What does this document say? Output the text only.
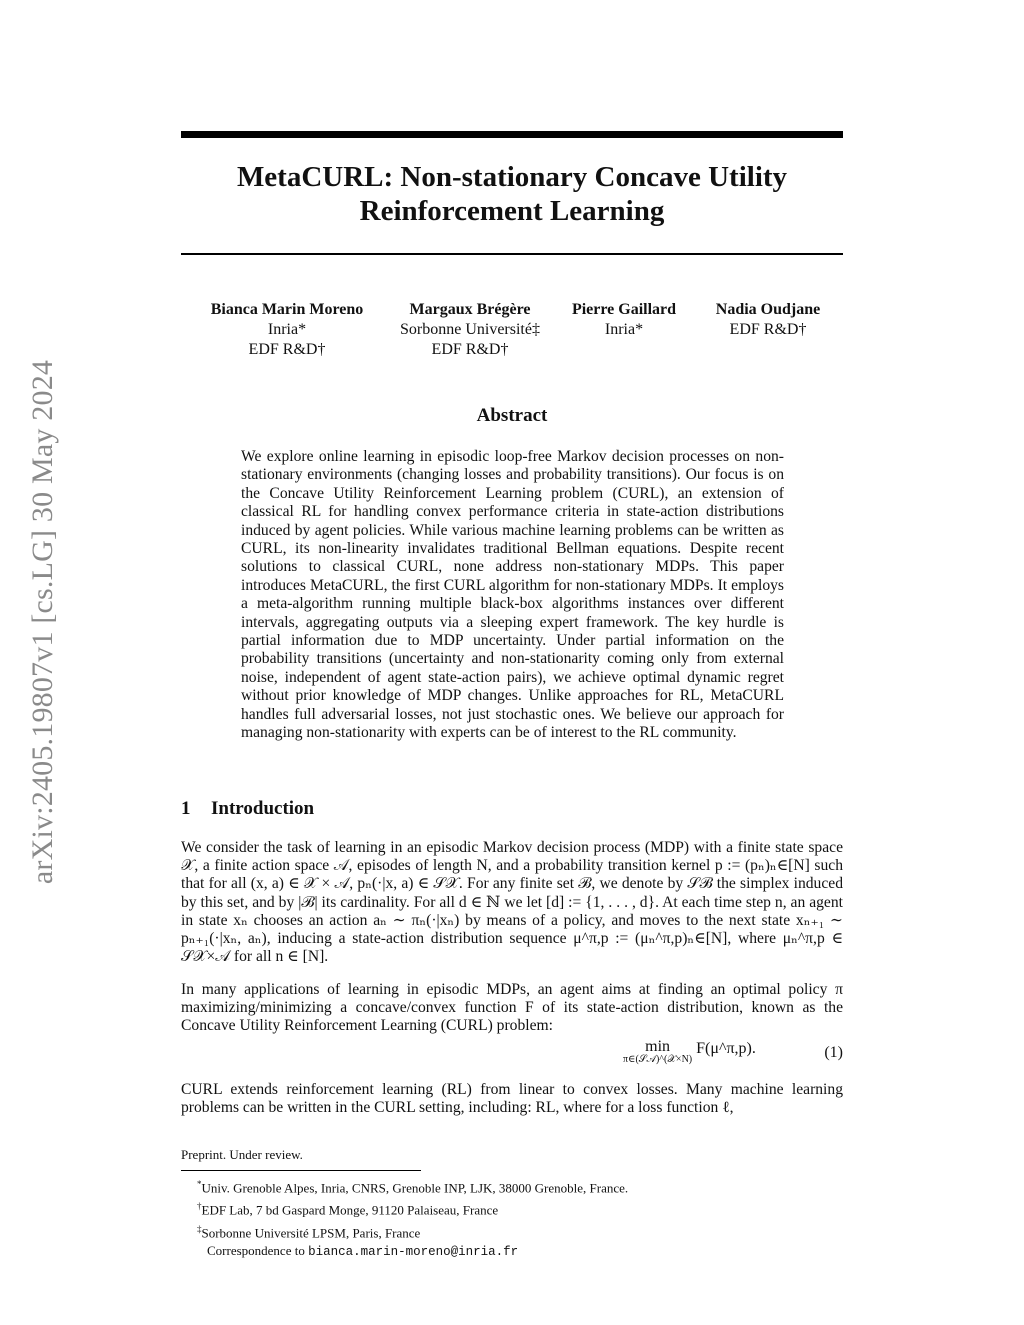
arXiv:2405.19807v1 [cs.LG] 30 May 2024
MetaCURL: Non-stationary Concave Utility
Reinforcement Learning
Bianca Marin Moreno
Inria*
EDF R&D†
Margaux Brégère
Sorbonne Université‡
EDF R&D†
Pierre Gaillard
Inria*
Nadia Oudjane
EDF R&D†
Abstract

We explore online learning in episodic loop-free Markov decision processes on non-stationary environments (changing losses and probability transitions). Our focus is on the Concave Utility Reinforcement Learning problem (CURL), an extension of classical RL for handling convex performance criteria in state-action distributions induced by agent policies. While various machine learning problems can be written as CURL, its non-linearity invalidates traditional Bellman equations. Despite recent solutions to classical CURL, none address non-stationary MDPs. This paper introduces MetaCURL, the first CURL algorithm for non-stationary MDPs. It employs a meta-algorithm running multiple black-box algorithms instances over different intervals, aggregating outputs via a sleeping expert framework. The key hurdle is partial information due to MDP uncertainty. Under partial information on the probability transitions (uncertainty and non-stationarity coming only from external noise, independent of agent state-action pairs), we achieve optimal dynamic regret without prior knowledge of MDP changes. Unlike approaches for RL, MetaCURL handles full adversarial losses, not just stochastic ones. We believe our approach for managing non-stationarity with experts can be of interest to the RL community.

1 Introduction

We consider the task of learning in an episodic Markov decision process (MDP) with a finite state space 𝒳, a finite action space 𝒜, episodes of length N, and a probability transition kernel p := (pₙ)ₙ∈[N] such that for all (x, a) ∈ 𝒳 × 𝒜, pₙ(·|x, a) ∈ 𝒮𝒳. For any finite set ℬ, we denote by 𝒮ℬ the simplex induced by this set, and by |ℬ| its cardinality. For all d ∈ ℕ we let [d] := {1, . . . , d}. At each time step n, an agent in state xₙ chooses an action aₙ ∼ πₙ(·|xₙ) by means of a policy, and moves to the next state xₙ₊₁ ∼ pₙ₊₁(·|xₙ, aₙ), inducing a state-action distribution sequence μ^π,p := (μₙ^π,p)ₙ∈[N], where μₙ^π,p ∈ 𝒮𝒳×𝒜 for all n ∈ [N].

In many applications of learning in episodic MDPs, an agent aims at finding an optimal policy π maximizing/minimizing a concave/convex function F of its state-action distribution, known as the Concave Utility Reinforcement Learning (CURL) problem:

min
π∈(𝒮𝒜)^(𝒳×N)
F(μ^π,p).	(1)

CURL extends reinforcement learning (RL) from linear to convex losses. Many machine learning problems can be written in the CURL setting, including: RL, where for a loss function ℓ,

Preprint. Under review.

*Univ. Grenoble Alpes, Inria, CNRS, Grenoble INP, LJK, 38000 Grenoble, France.
†EDF Lab, 7 bd Gaspard Monge, 91120 Palaiseau, France
‡Sorbonne Université LPSM, Paris, France
Correspondence to bianca.marin-moreno@inria.fr
